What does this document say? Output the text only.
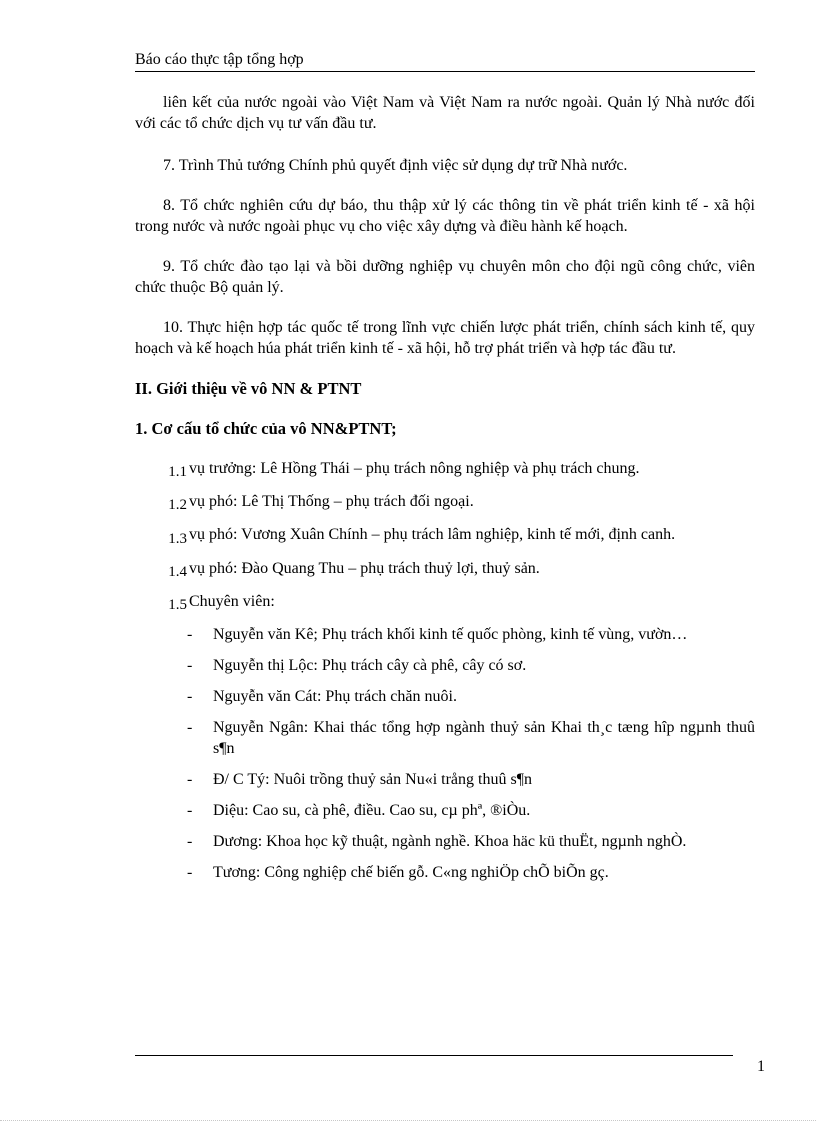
Báo cáo thực tập tổng hợp

liên kết của nước ngoài vào Việt Nam và Việt Nam ra nước ngoài. Quản lý Nhà nước đối với các tổ chức dịch vụ tư vấn đầu tư.

7. Trình Thủ tướng Chính phủ quyết định việc sử dụng dự trữ Nhà nước.

8. Tổ chức nghiên cứu dự báo, thu thập xử lý các thông tin về phát triển kinh tế - xã hội trong nước và nước ngoài phục vụ cho việc xây dựng và điều hành kế hoạch.

9. Tổ chức đào tạo lại và bồi dưỡng nghiệp vụ chuyên môn cho đội ngũ công chức, viên chức thuộc Bộ quản lý.

10. Thực hiện hợp tác quốc tế trong lĩnh vực chiến lược phát triển, chính sách kinh tế, quy hoạch và kế hoạch húa phát triển kinh tế - xã hội, hỗ trợ phát triển và hợp tác đầu tư.

II. Giới thiệu về vô NN & PTNT
1. Cơ cấu tổ chức của vô NN&PTNT;
1.1 vụ trưởng: Lê Hồng Thái – phụ trách nông nghiệp và phụ trách chung.
1.2 vụ phó: Lê Thị Thống – phụ trách đối ngoại.
1.3 vụ phó: Vương Xuân Chính – phụ trách lâm nghiệp, kinh tế mới, định canh.
1.4 vụ phó: Đào Quang Thu – phụ trách thuỷ lợi, thuỷ sản.
1.5 Chuyên viên:
-	Nguyễn văn Kê; Phụ trách khối kinh tế quốc phòng, kinh tế vùng, vườn…
-	Nguyễn thị Lộc: Phụ trách cây cà phê, cây có sơ.
-	Nguyễn văn Cát: Phụ trách chăn nuôi.
-	Nguyễn Ngân: Khai thác tổng hợp ngành thuỷ sản Khai th¸c tæng hîp ngµnh thuû s¶n
-	Đ/ C Tý: Nuôi trồng thuỷ sản Nu«i trång thuû s¶n
-	Diệu: Cao su, cà phê, điều. Cao su, cµ phª, ®iÒu.
-	Dương: Khoa học kỹ thuật, ngành nghề. Khoa häc kü thuËt, ngµnh nghÒ.
-	Tương: Công nghiệp chế biến gỗ. C«ng nghiÖp chÕ biÕn gç.
1
